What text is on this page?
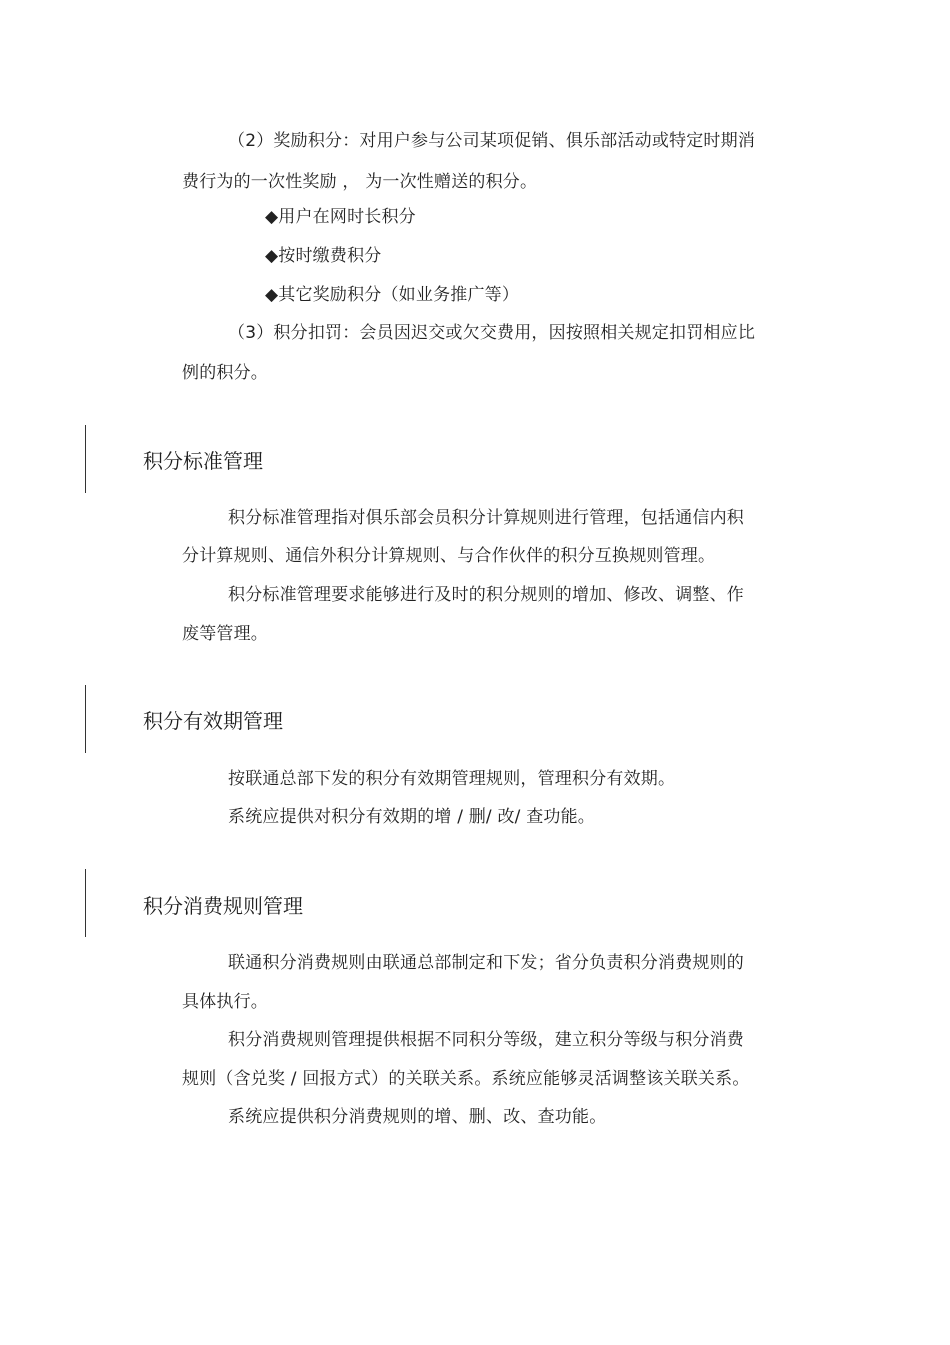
（2）奖励积分：对用户参与公司某项促销、俱乐部活动或特定时期消
费行为的一次性奖励 ， 为一次性赠送的积分。
◆用户在网时长积分
◆按时缴费积分
◆其它奖励积分（如业务推广等）
（3）积分扣罚：会员因迟交或欠交费用，因按照相关规定扣罚相应比
例的积分。
积分标准管理
积分标准管理指对俱乐部会员积分计算规则进行管理，包括通信内积
分计算规则、通信外积分计算规则、与合作伙伴的积分互换规则管理。
积分标准管理要求能够进行及时的积分规则的增加、修改、调整、作
废等管理。
积分有效期管理
按联通总部下发的积分有效期管理规则，管理积分有效期。
系统应提供对积分有效期的增 / 删/ 改/ 查功能。
积分消费规则管理
联通积分消费规则由联通总部制定和下发；省分负责积分消费规则的
具体执行。
积分消费规则管理提供根据不同积分等级，建立积分等级与积分消费
规则（含兑奖 / 回报方式）的关联关系。系统应能够灵活调整该关联关系。
系统应提供积分消费规则的增、删、改、查功能。
